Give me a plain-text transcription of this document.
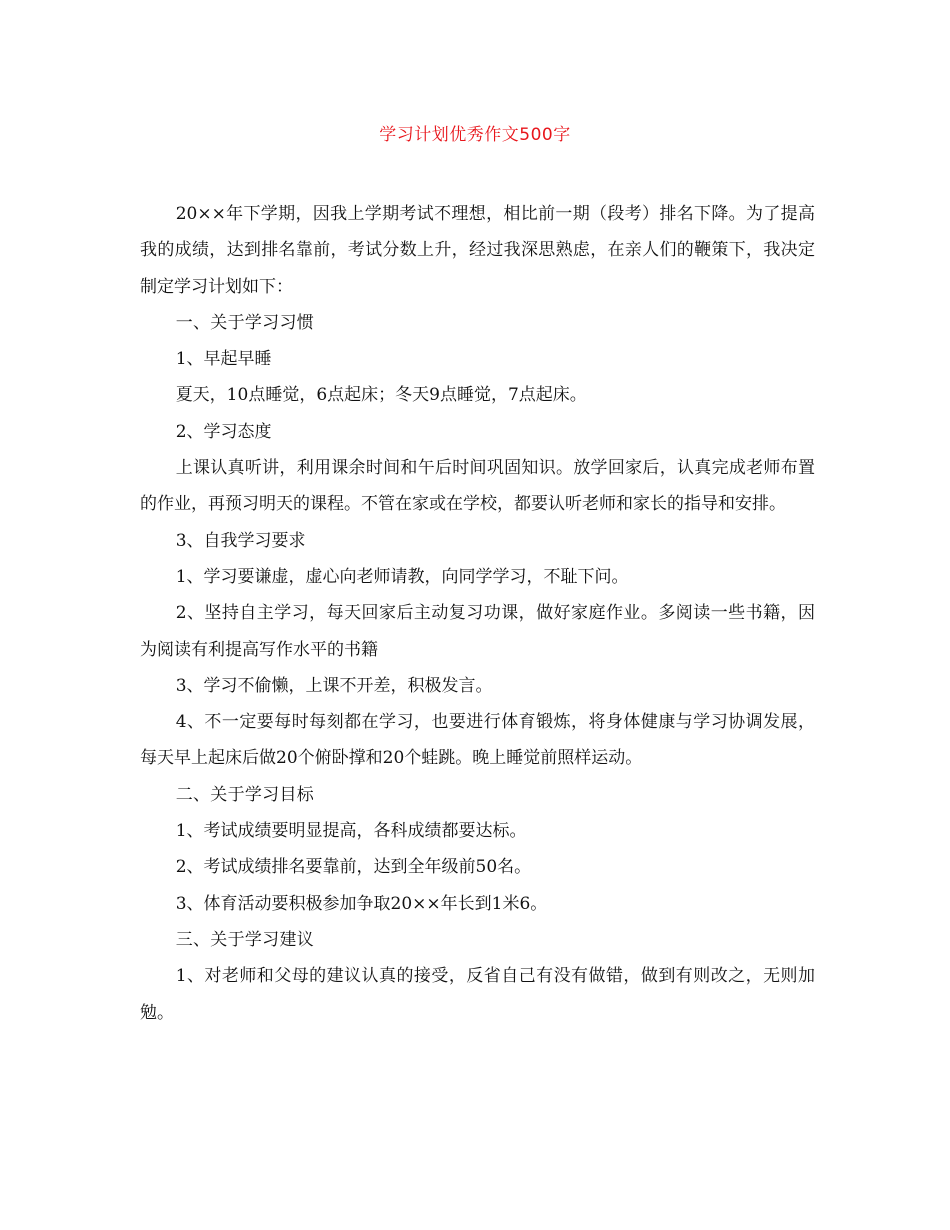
学习计划优秀作文500字

20××年下学期，因我上学期考试不理想，相比前一期（段考）排名下降。为了提高我的成绩，达到排名靠前，考试分数上升，经过我深思熟虑，在亲人们的鞭策下，我决定制定学习计划如下：

一、关于学习习惯

1、早起早睡

夏天，10点睡觉，6点起床；冬天9点睡觉，7点起床。

2、学习态度

上课认真听讲，利用课余时间和午后时间巩固知识。放学回家后，认真完成老师布置的作业，再预习明天的课程。不管在家或在学校，都要认听老师和家长的指导和安排。

3、自我学习要求

1、学习要谦虚，虚心向老师请教，向同学学习，不耻下问。

2、坚持自主学习，每天回家后主动复习功课，做好家庭作业。多阅读一些书籍，因为阅读有利提高写作水平的书籍

3、学习不偷懒，上课不开差，积极发言。

4、不一定要每时每刻都在学习，也要进行体育锻炼，将身体健康与学习协调发展，每天早上起床后做20个俯卧撑和20个蛙跳。晚上睡觉前照样运动。

二、关于学习目标

1、考试成绩要明显提高，各科成绩都要达标。

2、考试成绩排名要靠前，达到全年级前50名。

3、体育活动要积极参加争取20××年长到1米6。

三、关于学习建议

1、对老师和父母的建议认真的接受，反省自己有没有做错，做到有则改之，无则加勉。
